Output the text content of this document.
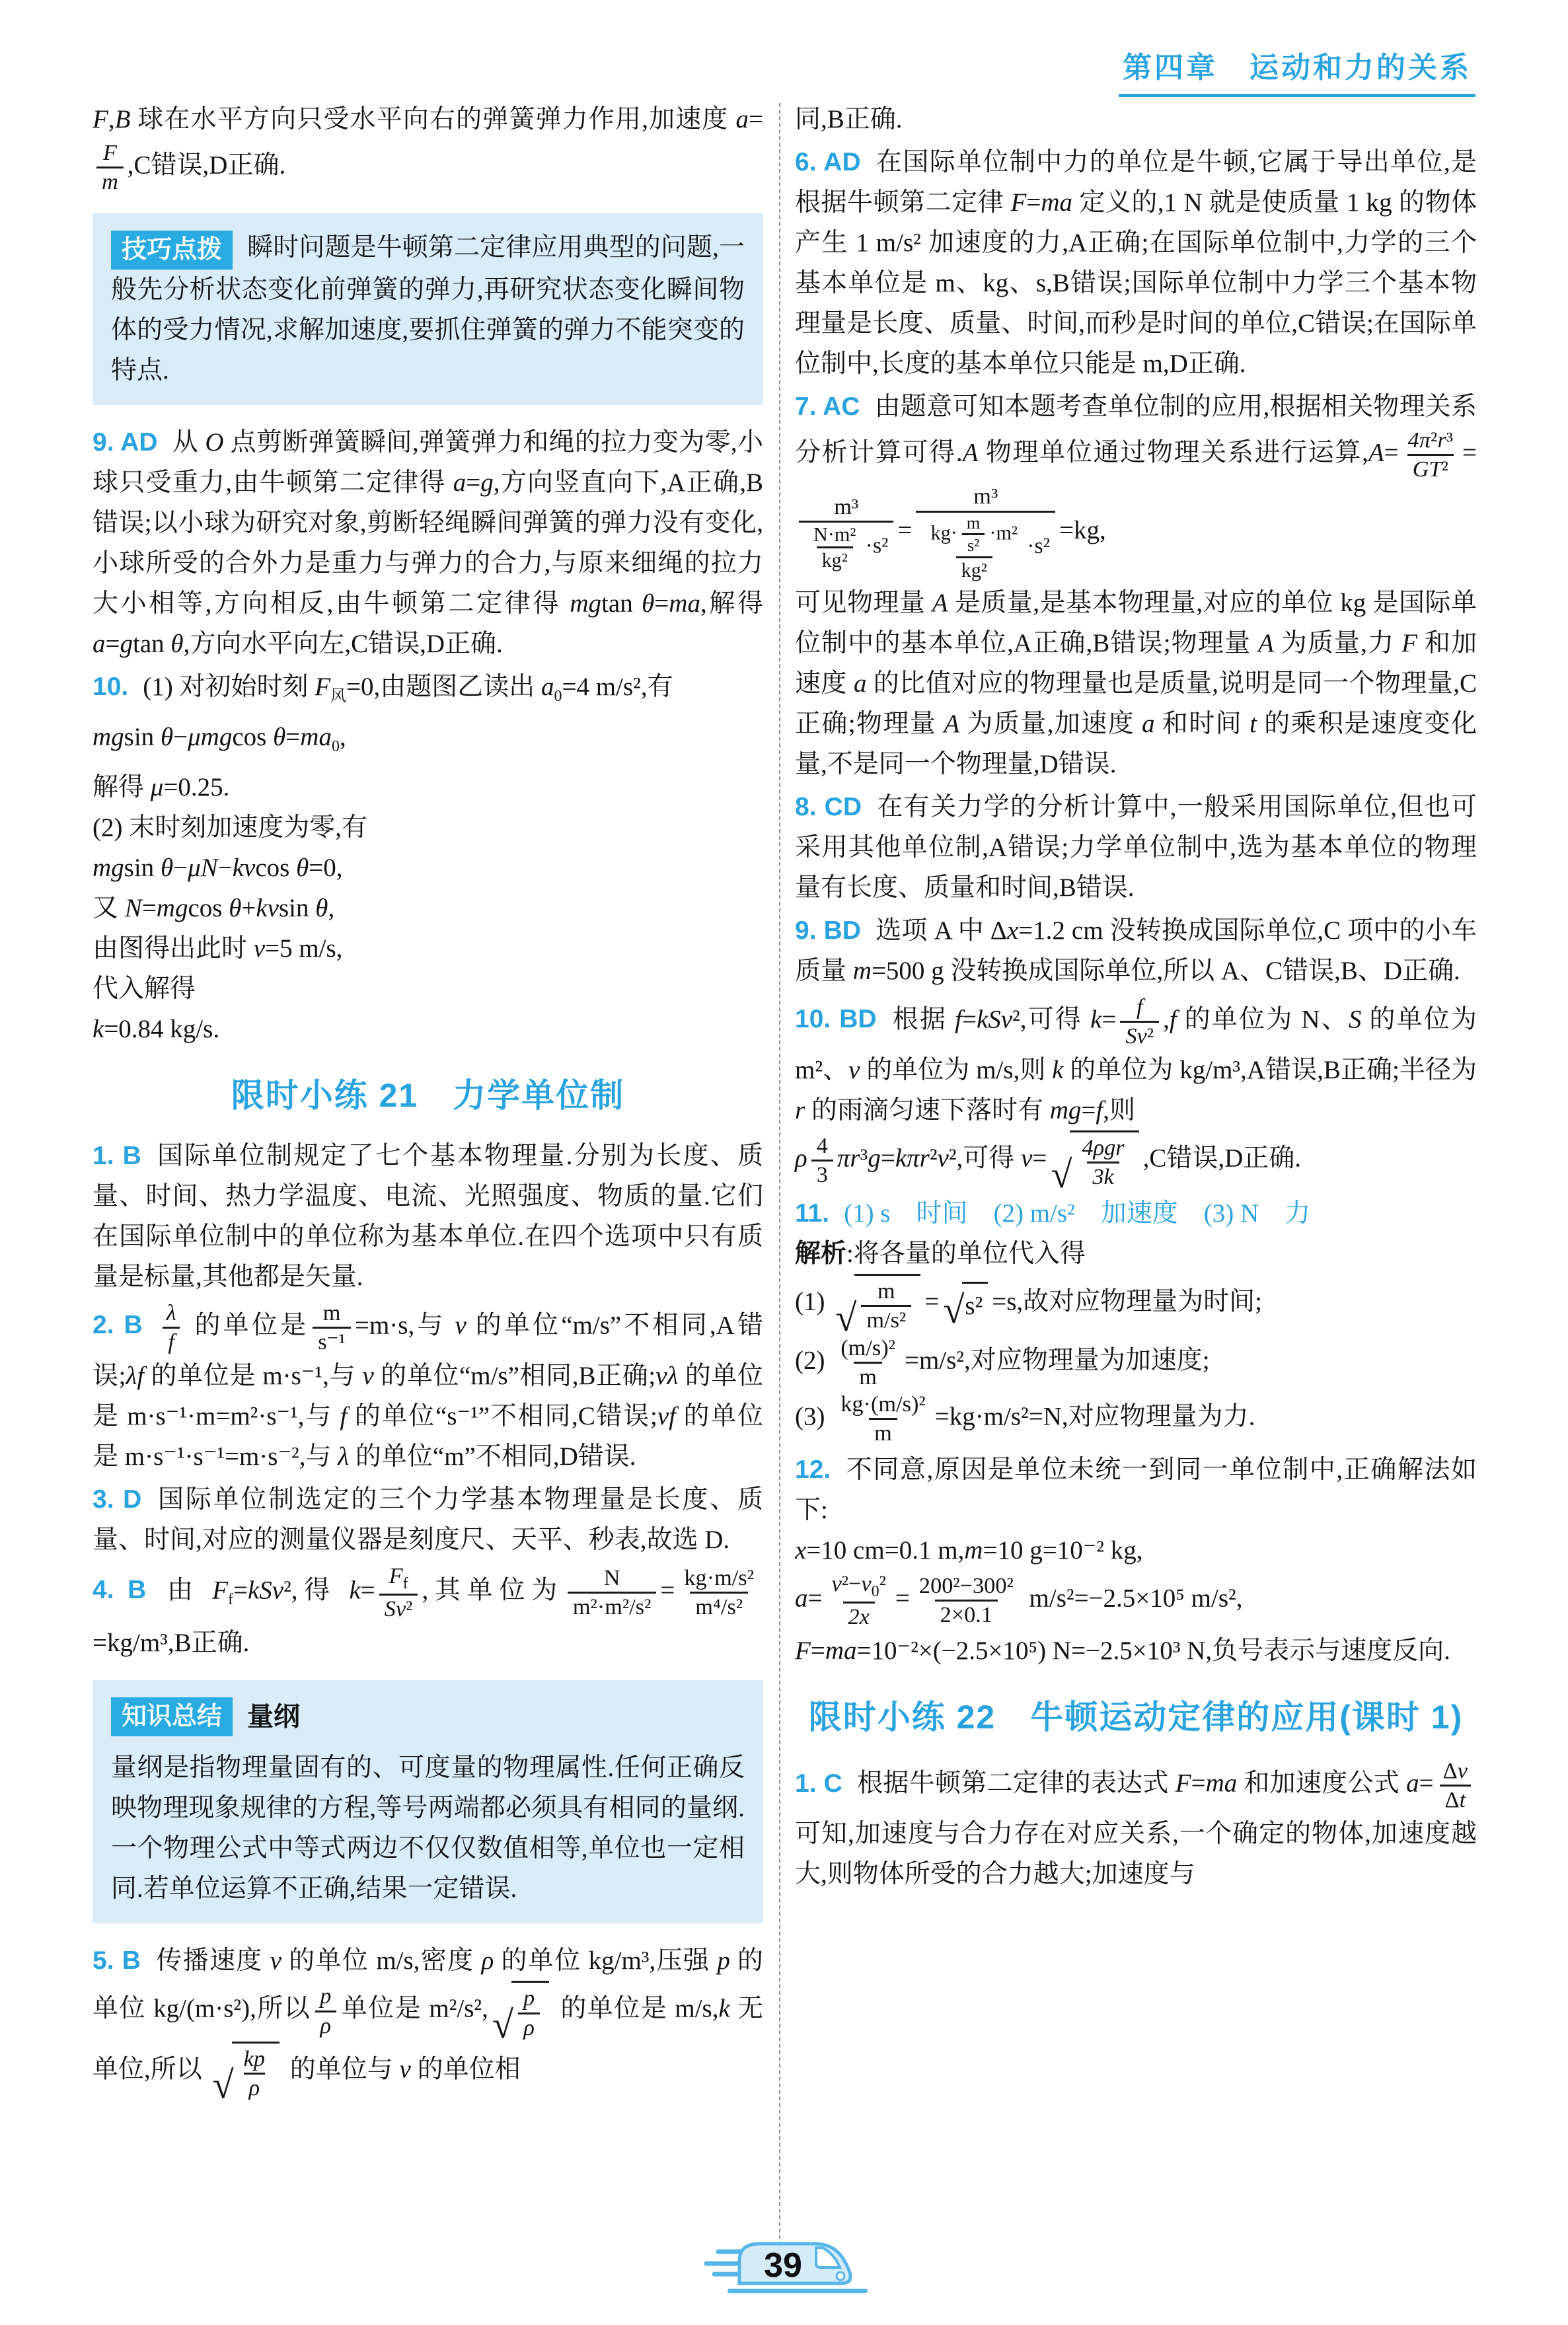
第四章　运动和力的关系

F,B 球在水平方向只受水平向右的弹簧弹力作用,加速度 a=
$\frac{F}{m} ,C$错误,D正确.

技巧点拨 瞬时问题是牛顿第二定律应用典型的问题,一般先分析状态变化前弹簧的弹力,再研究状态变化瞬间物体的受力情况,求解加速度,要抓住弹簧的弹力不能突变的特点.

9. AD 从 O 点剪断弹簧瞬间,弹簧弹力和绳的拉力变为零,小球只受重力,由牛顿第二定律得 a=g,方向竖直向下,A正确,B错误;以小球为研究对象,剪断轻绳瞬间弹簧的弹力没有变化,小球所受的合外力是重力与弹力的合力,与原来细绳的拉力大小相等,方向相反,由牛顿第二定律得 mgtan θ=ma,解得 a=gtan θ,方向水平向左,C错误,D正确.

10. (1) 对初始时刻 $F_风=0$,由题图乙读出 $a_0=4$ m/s²,有
mgsin θ−μmgcos $\theta=ma_0$,
解得 μ=0.25.
(2) 末时刻加速度为零,有
mgsin θ−μN−kvcos θ=0,
又 N=mgcos θ+kvsin θ,
由图得出此时 v=5 m/s,
代入解得
k=0.84 kg/s.

限时小练 21　力学单位制

1. B 国际单位制规定了七个基本物理量.分别为长度、质量、时间、热力学温度、电流、光照强度、物质的量.它们在国际单位制中的单位称为基本单位.在四个选项中只有质量是标量,其他都是矢量.

2. B $\frac{\lambda}{f}$ 的单位是 $\frac{m}{\text{s⁻¹}} =m\cdot s$,与 v 的单位“m/s”不相同,A错误;λf 的单位是 m·s⁻¹,与 v 的单位“m/s”相同,B正确;vλ 的单位是 m·s⁻¹·m=m²·s⁻¹,与 f 的单位“s⁻¹”不相同,C错误;vf 的单位是 m·s⁻¹·s⁻¹=m·s⁻²,与 λ 的单位“m”不相同,D错误.

3. D 国际单位制选定的三个力学基本物理量是长度、质量、时间,对应的测量仪器是刻度尺、天平、秒表,故选 D.

4. B 由 $F_f=kSv^2$,得 $k= \frac{F_f}{\text{Sv²}}$ ,其单位为 $\frac{N}{\text{m²·m²/s²}} = \frac{\text{kg·m/s²}}{\text{m⁴/s²}}$
=kg/m³,B正确.

知识总结 量纲

量纲是指物理量固有的、可度量的物理属性.任何正确反映物理现象规律的方程,等号两端都必须具有相同的量纲.一个物理公式中等式两边不仅仅数值相等,单位也一定相同.若单位运算不正确,结果一定错误.

5. B 传播速度 v 的单位 m/s,密度 ρ 的单位 kg/m³,压强 p 的单位 kg/(m·s²),所以 $\frac{p}{\rho}$ 单位是 m²/s², √ $\frac{p}{\rho}$ 的单位是 m/s,k 无单位,所以 √ $\frac{kp}{\rho}$ 的单位与 v 的单位相

同,B正确.

6. AD 在国际单位制中力的单位是牛顿,它属于导出单位,是根据牛顿第二定律 F=ma 定义的,1 N 就是使质量 1 kg 的物体产生 1 m/s² 加速度的力,A正确;在国际单位制中,力学的三个基本单位是 m、kg、s,B错误;国际单位制中力学三个基本物理量是长度、质量、时间,而秒是时间的单位,C错误;在国际单位制中,长度的基本单位只能是 m,D正确.

7. AC 由题意可知本题考查单位制的应用,根据相关物理关系分析计算可得.A 物理单位通过物理关系进行运算$,A= \frac{\text{4π²r³}}{\text{GT²}}$ =
$\frac{\text{m³}}{\frac{\text{N·m²}}{\text{kg²}} \cdot s^2} = \frac{\text{m³}}{\frac{kg\cdot \frac{m}{\text{s²}} \cdot m^2}{\text{kg²}} \cdot s^2} =kg$,
可见物理量 A 是质量,是基本物理量,对应的单位 kg 是国际单位制中的基本单位,A正确,B错误;物理量 A 为质量,力 F 和加速度 a 的比值对应的物理量也是质量,说明是同一个物理量,C正确;物理量 A 为质量,加速度 a 和时间 t 的乘积是速度变化量,不是同一个物理量,D错误.

8. CD 在有关力学的分析计算中,一般采用国际单位,但也可采用其他单位制,A错误;力学单位制中,选为基本单位的物理量有长度、质量和时间,B错误.

9. BD 选项 A 中 Δx=1.2 cm 没转换成国际单位,C 项中的小车质量 m=500 g 没转换成国际单位,所以 A、C错误,B、D正确.

10. BD 根据 f=kSv²,可得 $k= \frac{f}{\text{Sv²}} ,f$ 的单位为 N、S 的单位为m²、v 的单位为 m/s,则 k 的单位为 kg/m³,A错误,B正确;半径为 r 的雨滴匀速下落时有 mg=f,则
ρ $\frac{4}{3} \pi r^3g=k\pi r^2v^2$,可得 v= √ $\frac{\text{4ρgr}}{3k} ,C$错误,D正确.

11. (1) s　时间　(2) m/s²　加速度　(3) N　力
解析:将各量的单位代入得
(1) √ $\frac{m}{\text{m/s²}}$ = √ s² =s,故对应物理量为时间;
$(2) \frac{\text{(m/s)²}}{m} =m/s^2$,对应物理量为加速度;
$(3) \frac{\text{kg·(m/s)²}}{m} =kg\cdot m/s^2=N$,对应物理量为力.

12. 不同意,原因是单位未统一到同一单位制中,正确解法如下:
x=10 cm=0.1 m,m=10 g=10⁻² kg,
$a= \frac{v^2-v_0^2}{2x} = \frac{\text{200²−300²}}{2\times 0.1} m/s^2=-2.5\times 10^5$ m/s²,
F=ma=10⁻²×(−2.5×10⁵) N=−2.5×10³ N,负号表示与速度反向.

限时小练 22　牛顿运动定律的应用(课时 1)

1. C 根据牛顿第二定律的表达式 F=ma 和加速度公式 $a= \frac{\Delta v}{\Delta t}$
可知,加速度与合力存在对应关系,一个确定的物体,加速度越大,则物体所受的合力越大;加速度与

39
